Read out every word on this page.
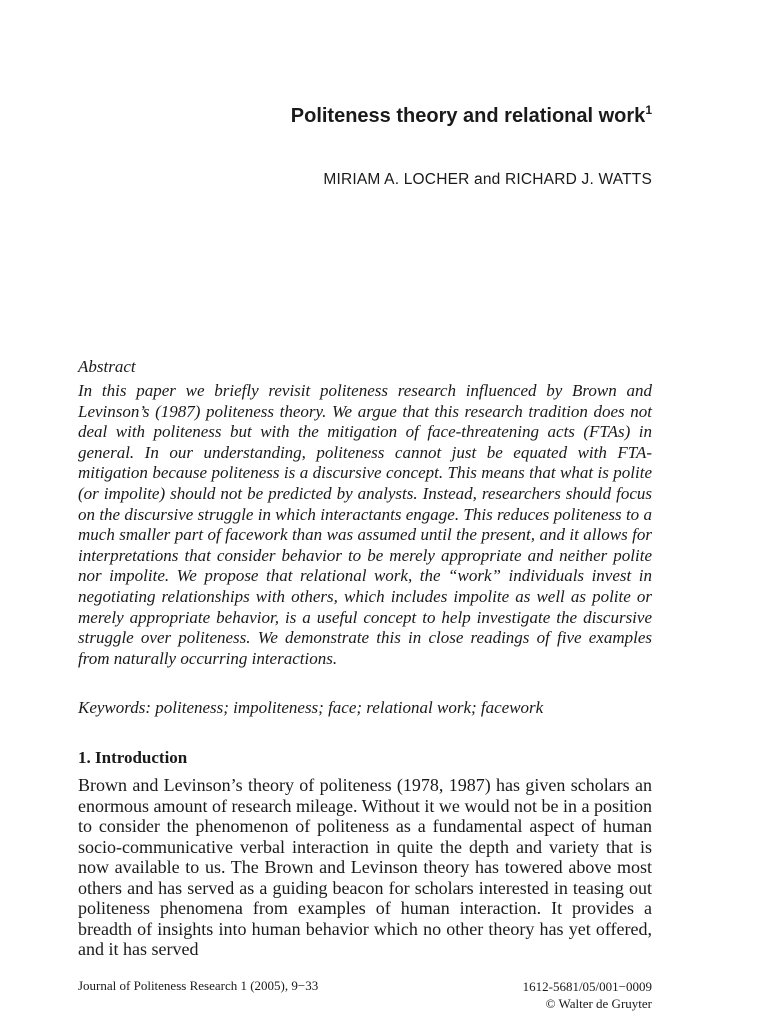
Politeness theory and relational work$^1$
MIRIAM A. LOCHER and RICHARD J. WATTS
Abstract

In this paper we briefly revisit politeness research influenced by Brown and Levinson’s (1987) politeness theory. We argue that this research tradition does not deal with politeness but with the mitigation of face-threatening acts (FTAs) in general. In our understanding, politeness cannot just be equated with FTA-mitigation because politeness is a discursive concept. This means that what is polite (or impolite) should not be predicted by analysts. Instead, researchers should focus on the discursive struggle in which interactants engage. This reduces politeness to a much smaller part of facework than was assumed until the present, and it allows for interpretations that consider behavior to be merely appropriate and neither polite nor impolite. We propose that relational work, the “work” individuals invest in negotiating relationships with others, which includes impolite as well as polite or merely appropriate behavior, is a useful concept to help investigate the discursive struggle over politeness. We demonstrate this in close readings of five examples from naturally occurring interactions.

Keywords: politeness; impoliteness; face; relational work; facework

1. Introduction

Brown and Levinson’s theory of politeness (1978, 1987) has given scholars an enormous amount of research mileage. Without it we would not be in a position to consider the phenomenon of politeness as a fundamental aspect of human socio-communicative verbal interaction in quite the depth and variety that is now available to us. The Brown and Levinson theory has towered above most others and has served as a guiding beacon for scholars interested in teasing out politeness phenomena from examples of human interaction. It provides a breadth of insights into human behavior which no other theory has yet offered, and it has served

Journal of Politeness Research 1 (2005), 9−33	1612-5681/05/001−0009
© Walter de Gruyter
